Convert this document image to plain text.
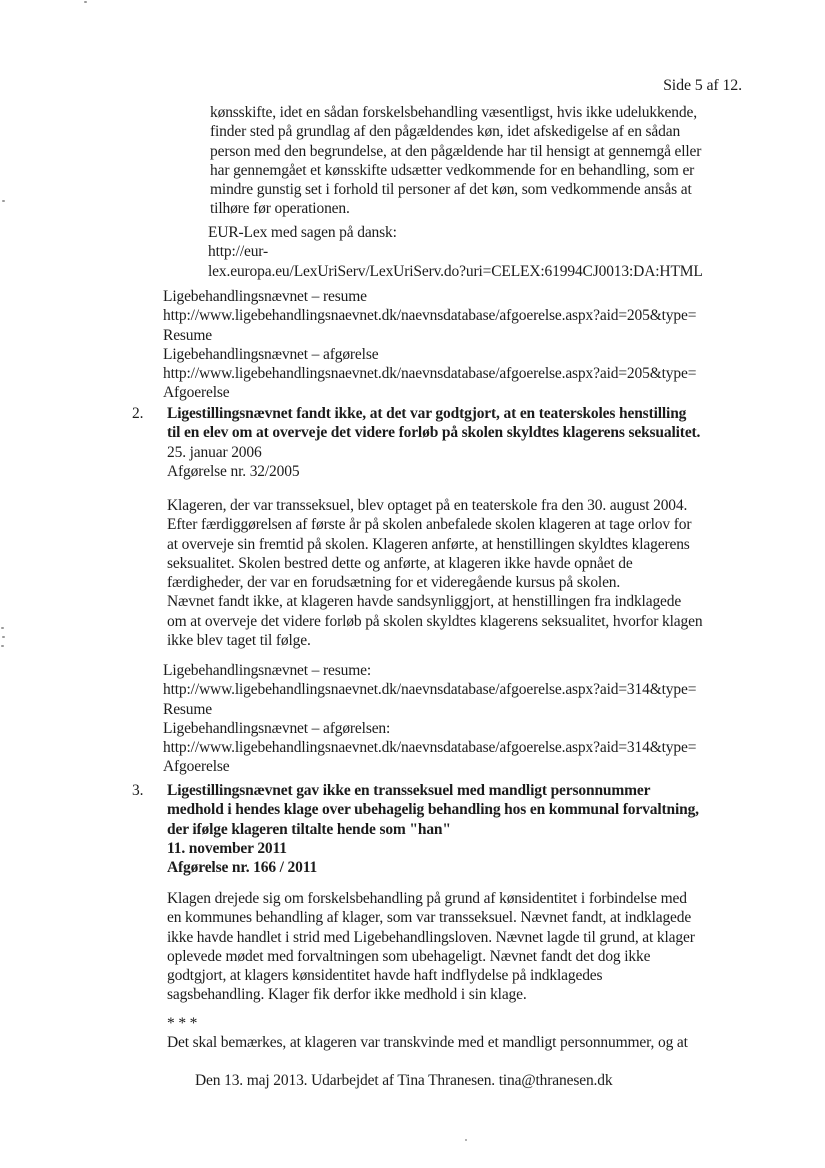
Side 5 af 12.
kønsskifte, idet en sådan forskelsbehandling væsentligst, hvis ikke udelukkende,
finder sted på grundlag af den pågældendes køn, idet afskedigelse af en sådan
person med den begrundelse, at den pågældende har til hensigt at gennemgå eller
har gennemgået et kønsskifte udsætter vedkommende for en behandling, som er
mindre gunstig set i forhold til personer af det køn, som vedkommende ansås at
tilhøre før operationen.
EUR-Lex med sagen på dansk:
http://eur-
lex.europa.eu/LexUriServ/LexUriServ.do?uri=CELEX:61994CJ0013:DA:HTML
Ligebehandlingsnævnet – resume
http://www.ligebehandlingsnaevnet.dk/naevnsdatabase/afgoerelse.aspx?aid=205&type=
Resume
Ligebehandlingsnævnet – afgørelse
http://www.ligebehandlingsnaevnet.dk/naevnsdatabase/afgoerelse.aspx?aid=205&type=
Afgoerelse
2. Ligestillingsnævnet fandt ikke, at det var godtgjort, at en teaterskoles henstilling
til en elev om at overveje det videre forløb på skolen skyldtes klagerens seksualitet.
25. januar 2006
Afgørelse nr. 32/2005
Klageren, der var transseksuel, blev optaget på en teaterskole fra den 30. august 2004.
Efter færdiggørelsen af første år på skolen anbefalede skolen klageren at tage orlov for
at overveje sin fremtid på skolen. Klageren anførte, at henstillingen skyldtes klagerens
seksualitet. Skolen bestred dette og anførte, at klageren ikke havde opnået de
færdigheder, der var en forudsætning for et videregående kursus på skolen.
Nævnet fandt ikke, at klageren havde sandsynliggjort, at henstillingen fra indklagede
om at overveje det videre forløb på skolen skyldtes klagerens seksualitet, hvorfor klagen
ikke blev taget til følge.
Ligebehandlingsnævnet – resume:
http://www.ligebehandlingsnaevnet.dk/naevnsdatabase/afgoerelse.aspx?aid=314&type=
Resume
Ligebehandlingsnævnet – afgørelsen:
http://www.ligebehandlingsnaevnet.dk/naevnsdatabase/afgoerelse.aspx?aid=314&type=
Afgoerelse
3. Ligestillingsnævnet gav ikke en transseksuel med mandligt personnummer
medhold i hendes klage over ubehagelig behandling hos en kommunal forvaltning,
der ifølge klageren tiltalte hende som "han"
11. november 2011
Afgørelse nr. 166 / 2011
Klagen drejede sig om forskelsbehandling på grund af kønsidentitet i forbindelse med
en kommunes behandling af klager, som var transseksuel. Nævnet fandt, at indklagede
ikke havde handlet i strid med Ligebehandlingsloven. Nævnet lagde til grund, at klager
oplevede mødet med forvaltningen som ubehageligt. Nævnet fandt det dog ikke
godtgjort, at klagers kønsidentitet havde haft indflydelse på indklagedes
sagsbehandling. Klager fik derfor ikke medhold i sin klage.
* * *
Det skal bemærkes, at klageren var transkvinde med et mandligt personnummer, og at
Den 13. maj 2013. Udarbejdet af Tina Thranesen. tina@thranesen.dk
